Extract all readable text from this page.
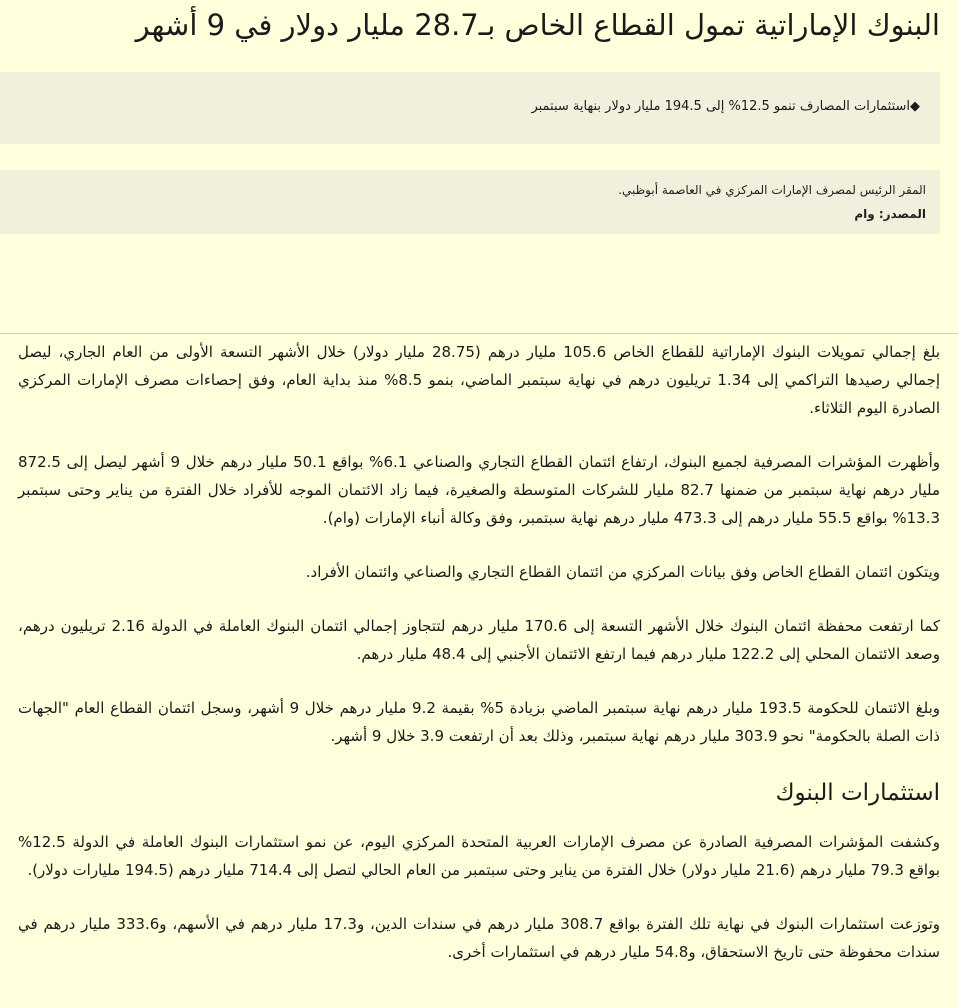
البنوك الإماراتية تمول القطاع الخاص بـ28.7 مليار دولار في 9 أشهر
◆استثمارات المصارف تنمو 12.5% إلى 194.5 مليار دولار بنهاية سبتمبر
المقر الرئيس لمصرف الإمارات المركزي في العاصمة أبوظبي.
المصدر: وام

بلغ إجمالي تمويلات البنوك الإماراتية للقطاع الخاص 105.6 مليار درهم (28.75 مليار دولار) خلال الأشهر التسعة الأولى من العام الجاري، ليصل إجمالي رصيدها التراكمي إلى 1.34 تريليون درهم في نهاية سبتمبر الماضي، بنمو 8.5% منذ بداية العام، وفق إحصاءات مصرف الإمارات المركزي الصادرة اليوم الثلاثاء.

وأظهرت المؤشرات المصرفية لجميع البنوك، ارتفاع ائتمان القطاع التجاري والصناعي 6.1% بواقع 50.1 مليار درهم خلال 9 أشهر ليصل إلى 872.5 مليار درهم نهاية سبتمبر من ضمنها 82.7 مليار للشركات المتوسطة والصغيرة، فيما زاد الائتمان الموجه للأفراد خلال الفترة من يناير وحتى سبتمبر 13.3% بواقع 55.5 مليار درهم إلى 473.3 مليار درهم نهاية سبتمبر، وفق وكالة أنباء الإمارات (وام).

ويتكون ائتمان القطاع الخاص وفق بيانات المركزي من ائتمان القطاع التجاري والصناعي وائتمان الأفراد.

كما ارتفعت محفظة ائتمان البنوك خلال الأشهر التسعة إلى 170.6 مليار درهم لتتجاوز إجمالي ائتمان البنوك العاملة في الدولة 2.16 تريليون درهم، وصعد الائتمان المحلي إلى 122.2 مليار درهم فيما ارتفع الائتمان الأجنبي إلى 48.4 مليار درهم.

وبلغ الائتمان للحكومة 193.5 مليار درهم نهاية سبتمبر الماضي بزيادة 5% بقيمة 9.2 مليار درهم خلال 9 أشهر، وسجل ائتمان القطاع العام "الجهات ذات الصلة بالحكومة" نحو 303.9 مليار درهم نهاية سبتمبر، وذلك بعد أن ارتفعت 3.9 خلال 9 أشهر.

استثمارات البنوك

وكشفت المؤشرات المصرفية الصادرة عن مصرف الإمارات العربية المتحدة المركزي اليوم، عن نمو استثمارات البنوك العاملة في الدولة 12.5% بواقع 79.3 مليار درهم (21.6 مليار دولار) خلال الفترة من يناير وحتى سبتمبر من العام الحالي لتصل إلى 714.4 مليار درهم (194.5 مليارات دولار).

وتوزعت استثمارات البنوك في نهاية تلك الفترة بواقع 308.7 مليار درهم في سندات الدين، و17.3 مليار درهم في الأسهم، و333.6 مليار درهم في سندات محفوظة حتى تاريخ الاستحقاق، و54.8 مليار درهم في استثمارات أخرى.
